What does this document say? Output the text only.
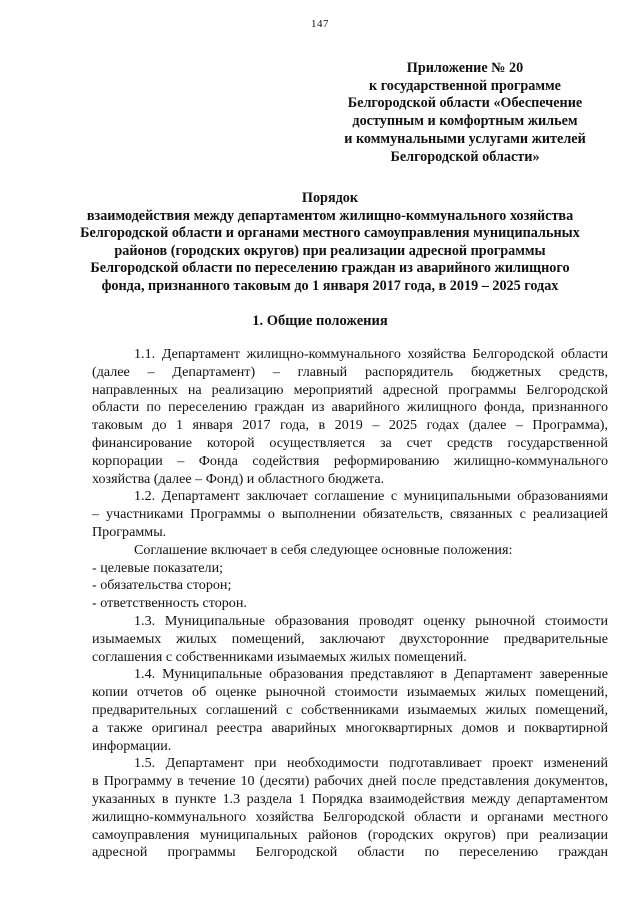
147
Приложение № 20
к государственной программе
Белгородской области «Обеспечение
доступным и комфортным жильем
и коммунальными услугами жителей
Белгородской области»
Порядок
взаимодействия между департаментом жилищно-коммунального хозяйства
Белгородской области и органами местного самоуправления муниципальных
районов (городских округов) при реализации адресной программы
Белгородской области по переселению граждан из аварийного жилищного
фонда, признанного таковым до 1 января 2017 года, в 2019 – 2025 годах
1. Общие положения
1.1. Департамент жилищно-коммунального хозяйства Белгородской области
(далее – Департамент) – главный распорядитель бюджетных средств,
направленных на реализацию мероприятий адресной программы Белгородской
области по переселению граждан из аварийного жилищного фонда, признанного
таковым до 1 января 2017 года, в 2019 – 2025 годах (далее – Программа),
финансирование которой осуществляется за счет средств государственной
корпорации – Фонда содействия реформированию жилищно-коммунального
хозяйства (далее – Фонд) и областного бюджета.
1.2. Департамент заключает соглашение с муниципальными образованиями
– участниками Программы о выполнении обязательств, связанных с реализацией
Программы.
Соглашение включает в себя следующее основные положения:
- целевые показатели;
- обязательства сторон;
- ответственность сторон.
1.3. Муниципальные образования проводят оценку рыночной стоимости
изымаемых жилых помещений, заключают двухсторонние предварительные
соглашения с собственниками изымаемых жилых помещений.
1.4. Муниципальные образования представляют в Департамент заверенные
копии отчетов об оценке рыночной стоимости изымаемых жилых помещений,
предварительных соглашений с собственниками изымаемых жилых помещений,
а также оригинал реестра аварийных многоквартирных домов и поквартирной
информации.
1.5. Департамент при необходимости подготавливает проект изменений
в Программу в течение 10 (десяти) рабочих дней после представления документов,
указанных в пункте 1.3 раздела 1 Порядка взаимодействия между департаментом
жилищно-коммунального хозяйства Белгородской области и органами местного
самоуправления муниципальных районов (городских округов) при реализации
адресной программы Белгородской области по переселению граждан
